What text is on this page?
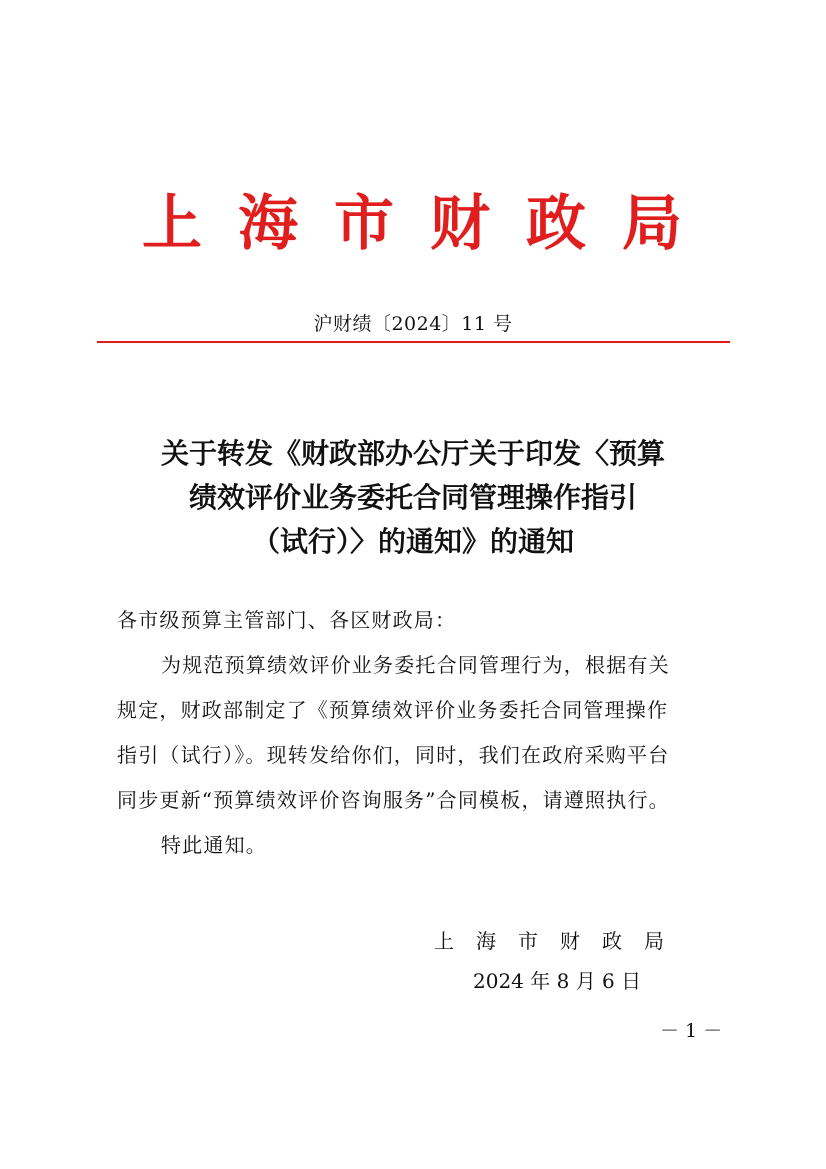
上海市财政局
沪财绩〔2024〕11 号
关于转发《财政部办公厅关于印发〈预算
绩效评价业务委托合同管理操作指引
（试行）〉的通知》的通知

各市级预算主管部门、各区财政局：

为规范预算绩效评价业务委托合同管理行为，根据有关
规定，财政部制定了《预算绩效评价业务委托合同管理操作
指引（试行）》。现转发给你们，同时，我们在政府采购平台
同步更新“预算绩效评价咨询服务”合同模板，请遵照执行。

特此通知。

上海市财政局
2024 年 8 月 6 日
－ 1 －
